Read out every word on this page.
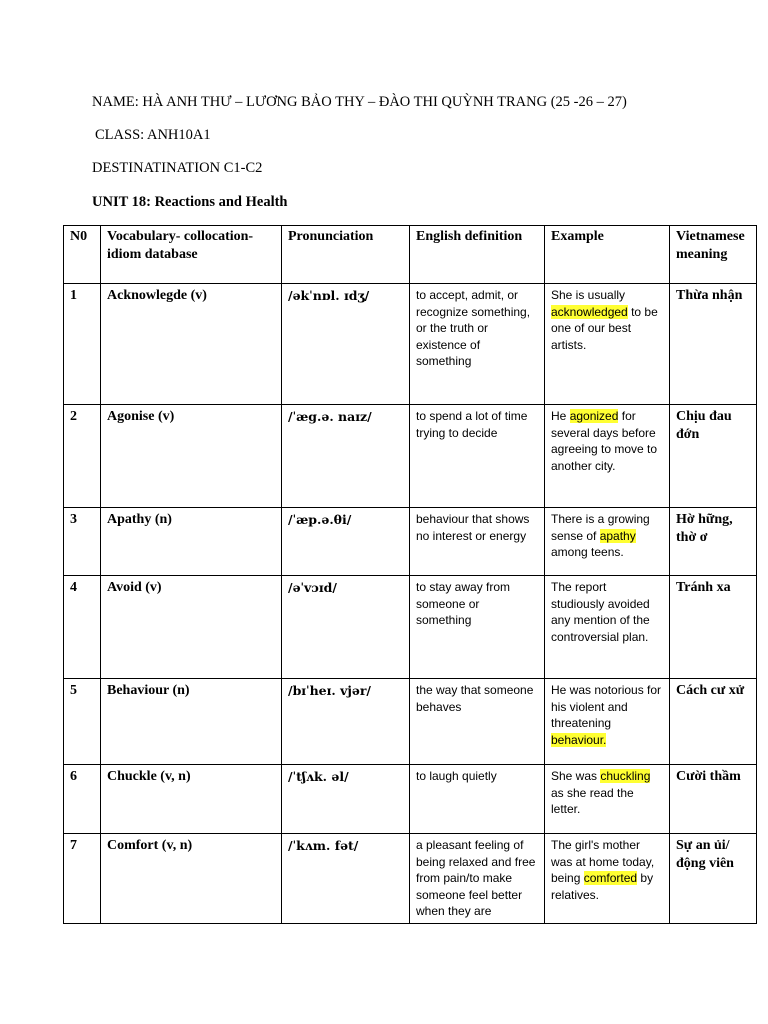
NAME: HÀ ANH THƯ – LƯƠNG BẢO THY – ĐÀO THI QUỲNH TRANG (25 -26 – 27)
CLASS: ANH10A1
DESTINATINATION C1-C2
UNIT 18: Reactions and Health
N0	Vocabulary- collocation-idiom database	Pronunciation	English definition	Example	Vietnamese meaning
1	Acknowlegde (v)	/əkˈnɒl. ɪdʒ/	to accept, admit, or recognize something, or the truth or existence of something	She is usually acknowledged to be one of our best artists.	Thừa nhận
2	Agonise (v)	/ˈæg.ə. naɪz/	to spend a lot of time trying to decide	He agonized for several days before agreeing to move to another city.	Chịu đau đớn
3	Apathy (n)	/ˈæp.ə.θi/	behaviour that shows no interest or energy	There is a growing sense of apathy among teens.	Hờ hững, thờ ơ
4	Avoid (v)	/əˈvɔɪd/	to stay away from someone or something	The report studiously avoided any mention of the controversial plan.	Tránh xa
5	Behaviour (n)	/bɪˈheɪ. vjər/	the way that someone behaves	He was notorious for his violent and threatening behaviour.	Cách cư xử
6	Chuckle (v, n)	/ˈtʃʌk. əl/	to laugh quietly	She was chuckling as she read the letter.	Cười thầm
7	Comfort (v, n)	/ˈkʌm. fət/	a pleasant feeling of being relaxed and free from pain/to make someone feel better when they are	The girl's mother was at home today, being comforted by relatives.	Sự an ủi/động viên
